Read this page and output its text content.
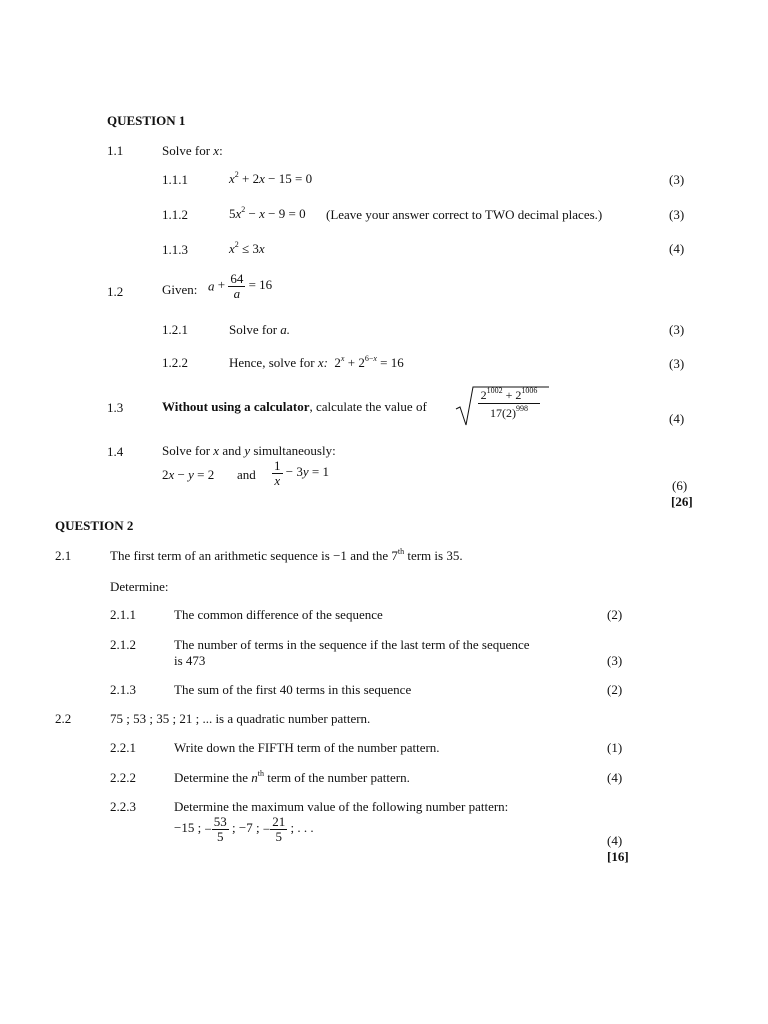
QUESTION 1
1.1	Solve for x:
1.1.1	$x^2 + 2x - 15 = 0$	(3)
1.1.2	$5x^2 - x - 9 = 0$ (Leave your answer correct to TWO decimal places.)	(3)
1.1.3	$x^2 \le 3x$	(4)
1.2	Given: $a + \frac{64}{a} = 16$
1.2.1	Solve for a.	(3)
1.2.2	Hence, solve for x:  $2^x + 2^{6-x} = 16$	(3)
1.3	Without using a calculator, calculate the value of
$2^{1002} + 2^{1006}$
$17(2)^{998}$
(4)
1.4	Solve for x and y simultaneously:
2x − y = 2 and $\frac{1}{x} - 3y = 1$
(6)
[26]
QUESTION 2
2.1	The first term of an arithmetic sequence is −1 and the 7th term is 35.
Determine:
2.1.1	The common difference of the sequence	(2)
2.1.2	The number of terms in the sequence if the last term of the sequence
is 473	(3)
2.1.3	The sum of the first 40 terms in this sequence	(2)
2.2	75 ; 53 ; 35 ; 21 ; ... is a quadratic number pattern.
2.2.1	Write down the FIFTH term of the number pattern.	(1)
2.2.2	Determine the $n^{th}$ term of the number pattern.	(4)
2.2.3	Determine the maximum value of the following number pattern:
−15 ; − $\frac{53}{5}$ ; −7 ; − $\frac{21}{5}$ ; . . .
(4)
[16]
